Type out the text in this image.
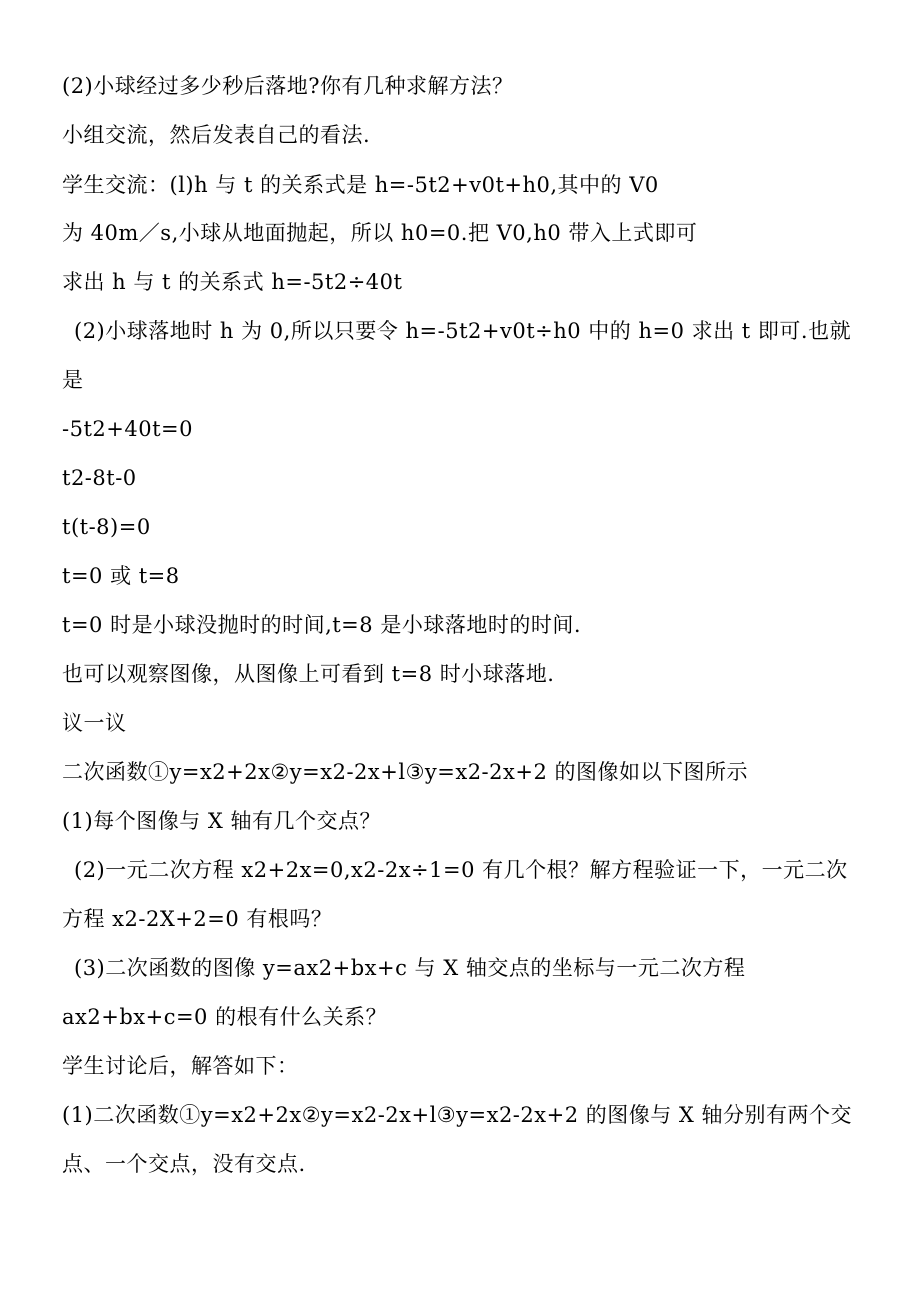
(2)小球经过多少秒后落地?你有几种求解方法？
小组交流，然后发表自己的看法.
学生交流：(l)h 与 t 的关系式是 h=-5t2+v0t+h0,其中的 V0
为 40m／s,小球从地面抛起，所以 h0=0.把 V0,h0 带入上式即可
求出 h 与 t 的关系式 h=-5t2÷40t
(2)小球落地时 h 为 0,所以只要令 h=-5t2+v0t÷h0 中的 h=0 求出 t 即可.也就
是
-5t2+40t=0
t2-8t-0
t(t-8)=0
t=0 或 t=8
t=0 时是小球没抛时的时间,t=8 是小球落地时的时间.
也可以观察图像，从图像上可看到 t=8 时小球落地.
议一议
二次函数①y=x2+2x②y=x2-2x+l③y=x2-2x+2 的图像如以下图所示
(1)每个图像与 X 轴有几个交点？
(2)一元二次方程 x2+2x=0,x2-2x÷1=0 有几个根？解方程验证一下，一元二次
方程 x2-2X+2=0 有根吗？
(3)二次函数的图像 y=ax2+bx+c 与 X 轴交点的坐标与一元二次方程
ax2+bx+c=0 的根有什么关系？
学生讨论后，解答如下：
(1)二次函数①y=x2+2x②y=x2-2x+l③y=x2-2x+2 的图像与 X 轴分别有两个交
点、一个交点，没有交点.
